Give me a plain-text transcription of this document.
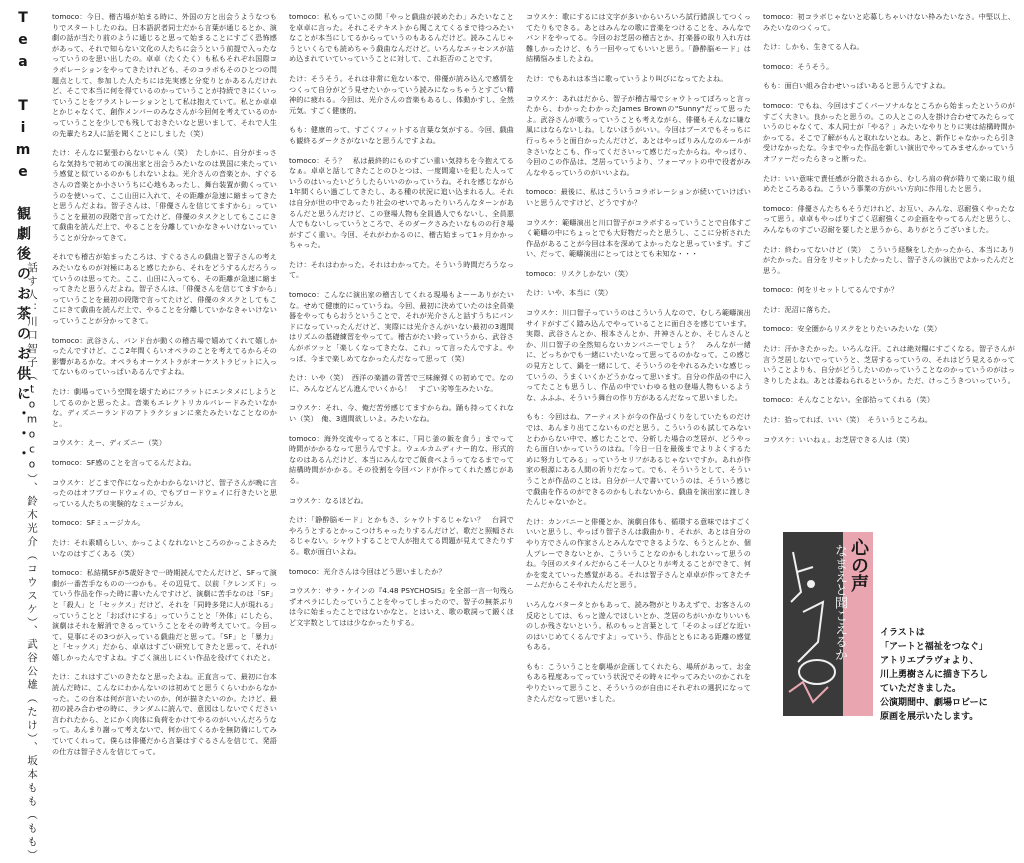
Tea Time　観劇後のお茶のお供に・・・
話す人：川口智子（tomoco）、鈴木光介（コウスケ）、武谷公雄（たけ）、坂本もも（もも）

tomoco：今日、稽古場が始まる時に、外国の方と出会うようなつもりでスタートしたのね。日本語訳者同士だから言葉が通じるとか、演劇の話が当たり前のように通じると思って始まることにすごく恐怖感があって、それで知らない文化の人たちに会うという前提で入ったなっていうのを思い出したの。卓卓（たくたく）も私もそれぞれ国際コラボレーションをやってきたけれども、そのコラボもそのひとつの問題点として、参加した人たちには先実感と分変りとかあるんだけれど、そこで本当に何を得ているのかっていうことが持続できにくいっていうことをフラストレーションとして私は抱えていて。私とか卓卓とかじゃなくて、創作メンバーのみなさんが今回何を考えているのかっていうことを少しでも残しておきたいなと思いまして、それで人生の先輩たち2人に話を聞くことにしました（笑）

たけ：そんなに緊張わらないじゃん（笑）　たしかに、自分がまっさらな気持ちで初めての演出家と出会うみたいなのは異国に来たっていう感覚と似ているのかもしれないよね。光介さんの音楽とか、すぐるさんの音楽とか小さいうちに心地もあったし、舞台装置が動くっていうのを使いって、ここ山田に入れて、その距離が急速に縮まってきたと思うんだよね。智子さんは、「俳優さんを信じてますから」っていうことを最初の段階で言ってたけど、俳優のタスクとしてもここにきて戯曲を読んだ上で、やることを分離していかなきゃいけないっていうことが分かってきて。

それでも稽古が始まったころは、すぐるさんの戯曲と智子さんの考えみたいなものが対極にあると感じたから、それをどうするんだろうっていうのは思ってた。ここ、山田に入っても、その距離が急速に縮まってきたと思うんだよね。智子さんは、「俳優さんを信じてますから」っていうことを最初の段階で言ってたけど、俳優のタスクとしてもここにきて戯曲を読んだ上で、やることを分離していかなきゃいけないっていうことが分かってきて。

tomoco：武谷さん、バンド台が動くの稽古場で嬉めてくれて嬉しかったんですけど、ここ2年間くらいオペラのことを考えてるからその影響があるかな。オペラもオーケストラがオーケストラピットに入ってないものっていっぱいあるんですよね。

たけ：劇場っていう空間を壊すためにフラットにエンタメにしようとしてるのかと思ったよ。音楽もエレクトリカルパレードみたいなかな。ディズニーランドのアトラクションに来たみたいなことなのかと。

コウスケ：えー、ディズニー（笑）

tomoco：SF感のことを言ってるんだよね。

コウスケ：どこまで作になったかわからないけど、智子さんが晩に言ったのはオフブロードウェイの、でもブロードウェイに行きたいと思っている人たちの実験的なミュージカル。

tomoco：SFミュージカル。

たけ：それ素晴らしい、かっこよくなれないところのかっこよさみたいなのはすごくある（笑）

tomoco：私結構SFが5歳好きで一時期読んでたんだけど、SFって演劇が一番苦手なものの一つかも。その辺見て、以前「クレンズド」っていう作品を作った時に書いたんですけど、演劇に苦手なのは「SF」と「殺人」と「セックス」だけど、それを「同時多発に人が現れる」っていうことと「おばけにする」っていうことと「外体」にしたら、演劇はそれを解消できるっていうことをその時考えていて。今回って、見事にその3つが入っている戯曲だと思って。「SF」と「暴力」と「セックス」だから、卓卓はすごい研究してきたと思って、それが嬉しかったんですよね。すごく演出しにくい作品を役げてくれたと。

たけ：これはすごいのきたなと思ったよね。正直言って、最初に台本読んだ時に、こんなにわかんないのは初めてと思うくらいわからなかった。この台本は何が言いたいのか、何が描きたいのか。たけど、最初の読み合わせの時に、ランダムに読んで、意図はしないでください言われたから、とにかく肉体に負荷をかけてやるのがいいんだろうなって。あんまり謝って考えないで、何か出てくるかを無防備にしてみていてくれって。僕らは俳優だから言葉はすぐるさんを信じて、発語の仕方は智子さんを信じてって。

tomoco：私もっていこの間「やっと戯曲が読めたわ」みたいなことを卓卓に言った。それこそテキストから聞こえてくるまで待つみたいなことが本当にしてるからっていうのもあるんだけど。読みこんじゃうといくらでも読めちゃう戯曲なんだけど。いろんなエッセンスが詰め込まれていていっていうことに対して、これ拒否のことです。

たけ：そうそう。それは非常に危ない本で、俳優が読み込んで感情をつくって自分がどう見せたいかっていう読みになっちゃうとすごい精神的に疲れる。今回は、光介さんの音楽もあるし、体動かすし、全然元気。すごく健康的。

もも：健康的って、すごくフィットする言葉な気がする。今回、戯曲も観終るダークさがないなと思うんですよね。

tomoco：そう？　私は最終的にものすごい重い気持ちを今抱えてるなぁ。卓卓と話してきたことのひとつは、一度間違いを犯した人っていうのはいったいどうしたらいいのかっていうね。それを感じながら1年間くらい過ごしてきたし、ある種の状況に追い込まれる人。それは自分が世の中であったり社会のせいであったりいろんなターンがあるんだと思うんだけど、この登場人物も全員過人でもないし、全員悪人でもないしっていうところで、そのダークさみたいなものの行き場がすごく重い。今回、それがわかるのに、稽古始まって1ヶ月かかっちゃった。

たけ：それはわかった。それはわかってた。そういう時間だろうなって。

tomoco：こんなに演出家の稽古してくれる現場もよーーありがたいな。せめて健康的にっていうね。今回、最初に決めていたのは全員楽器をやってもらおうということで、それが光介さんと話すうちにバンドになっていったんだけど、実際には光介さんがいない最初の3週間はリズムの基礎練習をやってて。稽古がたい鈴っていうから、武谷さんがボツッと「楽しくなってきたな、これ」って言ったんですよ。やっぱ、今まで楽しめてなかったんだなって思って（笑）

たけ：いや（笑）　西洋の楽譜の背苦で三味線弾くの初めてで。なのに、みんなどんどん進んでいくから！　すごい劣等生みたいな。

コウスケ：それ、今、俺だ苦労感じてますからね。踊も持ってくれない（笑）　俺、3週間欲しいよ。みたいなね。

tomoco：海外交流やってると本に、「同じ釜の飯を食う」までって時間がかかるなって思うんですよ。ウェルカムディナー的な、形式的なのはあるんだけど、本当にみんなでご飯食べようってなるまでって結構時間がかかる。その役割を今回バンドが作ってくれた感じがある。

コウスケ：なるほどね。

たけ：「静酔脳モード」とかもさ、シャウトするじゃない？　台詞でやろうとするとかっこつけちゃったりするんだけど、歌だと照幅されるじゃない。シャウトすることで人が抱えてる問題が見えてきたりする。歌が面白いよね。

tomoco：光介さんは今回はどう思いましたか？

コウスケ：サラ・ケインの『4.48 PSYCHOSIS』を全部一言一句残らずオペラにしたっていうことをやってしまったので、智子の無茶ぶりは今に始まったことではないかなと。とはいえ、歌の歌詞って鍛くほど文字数としてはは少なかったりする。

コウスケ：歌にするには文字が多いからいろいろ試行錯誤してつくってたりもできる。あとはみんなの歌に音楽をつけることを、みんなでバンドをやってる。今回のお芝居の稽古とか、打楽器の取り入れ方は難しかったけど、もう一回やってもいいと思う。「静酔脳モード」は結構悩みましたよね。

たけ：でもあれは本当に歌っていうより叫びになってたよね。

コウスケ：あれはだから、智子が稽古場でシャウトってぼろっと言ったから、わかったわかったJames Brownの"Sunny"だって思ったよ。武谷さんが歌うっていうことも考えながら、俳優もそんなに嫌な風にはならないしね。しないほうがいい。今回はブースでもそっちに行っちゃうと面白かったんだけど、あとはやっぱりみんなのルールがきさいなとこも、作ってくださいって感じだったからね。やっぱり、今回のこの作品は、芝居っていうより、フォーマットの中で役者がみんなやるっていうのがいいよね。

tomoco：最後に、私はこういうコラボレーションが続いていけばいいと思うんですけど、どうですか？

コウスケ：範疇演出と川口智子がコラボするっていうことで自体すごく範疇の中にちょっとでも大好物だったと思うし、ここに分析された作品があることが今回は本を深めてよかったなと思っています。すごい、だって、範疇演出にとってはとても未知な・・・

tomoco：リスクしかない（笑）

たけ：いや、本当に（笑）

コウスケ：川口智子っていうのはこういう人なので、むしろ範疇演出サイドがすごく踏み込んでやっていることに面白さを感じています。実際、武谷さんとか、根本さんとか、井神さんとか、そじんさんとか、川口智子の全然知らないカンパニーでしょう？　みんなが一緒に、どっちかでも一緒にいたいなって思ってるのかなって。この感じの見方として、鍋を一緒にして、そういうのをやれるみたいな感じっていうの、うまくいくかどうかなって思います。自分の作品の中に入ってたことも思うし、作品の中でいわゆる他の登場人物もいるような、ふふふ、そういう舞台の作り方があるんだなって思いました。

もも：今回はね、アーティストが今の作品づくりをしていたものだけでは、あんまり出てこないものだと思う。こういうのも試してみないとわからない中で、感じたことで、分析した場合の芝居が、どうやったら面白いかっていうのはね。「今日一日を最後までよりよくするために努力してみる」っていうセリフがあるじゃないですか。あれが作家の根源にある人間の祈りだなって。でも、そういうとして、そういうことが作品のことは。自分が一人で書いていうのは、そういう感じで戯曲を作るのができるのかもしれないから、戯曲を演出家に渡しきたんじゃないかと。

たけ：カンパニーと俳優とか、演劇自体も、循環する意味ではすごくいいと思うし、やっぱり智子さんは戯曲かり、それが、あとは自分のやり方でさんの作家さんとみんなでできるような、もうとんとか、個人プレーできないとか、こういうことなのかもしれないって思うのね。今回のスタイルだからこそ一人ひとりが考えることができて、何かを変えていった感覚がある。それは智子さんと卓卓が作ってきたチームだからこそやれたんだと思う。

いろんなバタータとかもあって、読み物がとりあえずで、お客さんの反応としては、もっと遊んでほしいとか、芝居のちがいかなりいいものしか残さないという。私のもっと言葉として「そのよっぽどな近いのはいじめてくるんですよ」っていう、作品とともにある距離の感覚もある。

もも：こういうことを劇場が企画してくれたら、場所があって、お金もある程度あってっていう状況でその時々にやってみたいのかこれをやりたいって思うこと、そういうのが自由にそれぞれの選択になってきたんだなって思いました。

tomoco：初コラボじゃないと応募しちゃいけない枠みたいなさ。中堅以上、みたいなのつくって。

たけ：しかも、生きてる人ね。

tomoco：そうそう。

もも：面白い組み合わせいっぱいあると思うんですよね。

tomoco：でもね、今回はすごくパーソナルなところから始まったというのがすごく大きい。良かったと思うの。この人とこの人を掛け合わせてみたらっていうのじゃなくて、本人同士が「やる？」みたいなやりとりに実は結構時間かかってる。そこで了解がもんと取れないとね。あと、新作じゃなかったら引き受けなかったな。今までやった作品を新しい演出でやってみませんかっていうオファーだったらきっと断った。

たけ：いい意味で責任感が分散されるから、むしろ肩の荷が降りて楽に取り組めたところあるね。こういう事業の方がいい方向に作用したと思う。

tomoco：俳優さんたちもそうだけれど、お互い、みんな、忍耐強くやったなって思う。卓卓もやっぱりすごく忍耐強くこの企画をやってるんだと思うし、みんなものすごい忍耐を要したと思うから、ありがとうございました。

たけ：終わってないけど（笑）　こういう経験をしたかったから、本当にありがたかった。自分をリセットしたかったし、智子さんの演出でよかったんだと思う。

tomoco：何をリセットしてるんですか？

たけ：泥沼に落ちた。

tomoco：安全圏からリスクをとりたいみたいな（笑）

たけ：汗かきたかった。いろんな汗。これは絶対糧にすごくなる。智子さんが言う芝居しないでっていうと、芝居するっていうの、それはどう見えるかっていうことよりも、自分がどうしたいのかっていうことなのかっていうのがはっきりしたよね。あとは委ねられるというか。ただ、けっこうきついっていう。

tomoco：そんなことない。全部拾ってくれる（笑）

たけ：拾ってれば、いい（笑）　そういうところね。

コウスケ：いいねぇ。お芝居できる人は（笑）

心の声
なまえと聞こえるか	イラストは
「アートと福祉をつなぐ」
アトリエブラヴォより、
川上勇樹さんに描き下ろし
ていただきました。
公演期間中、劇場ロビーに
原画を展示いたします。
